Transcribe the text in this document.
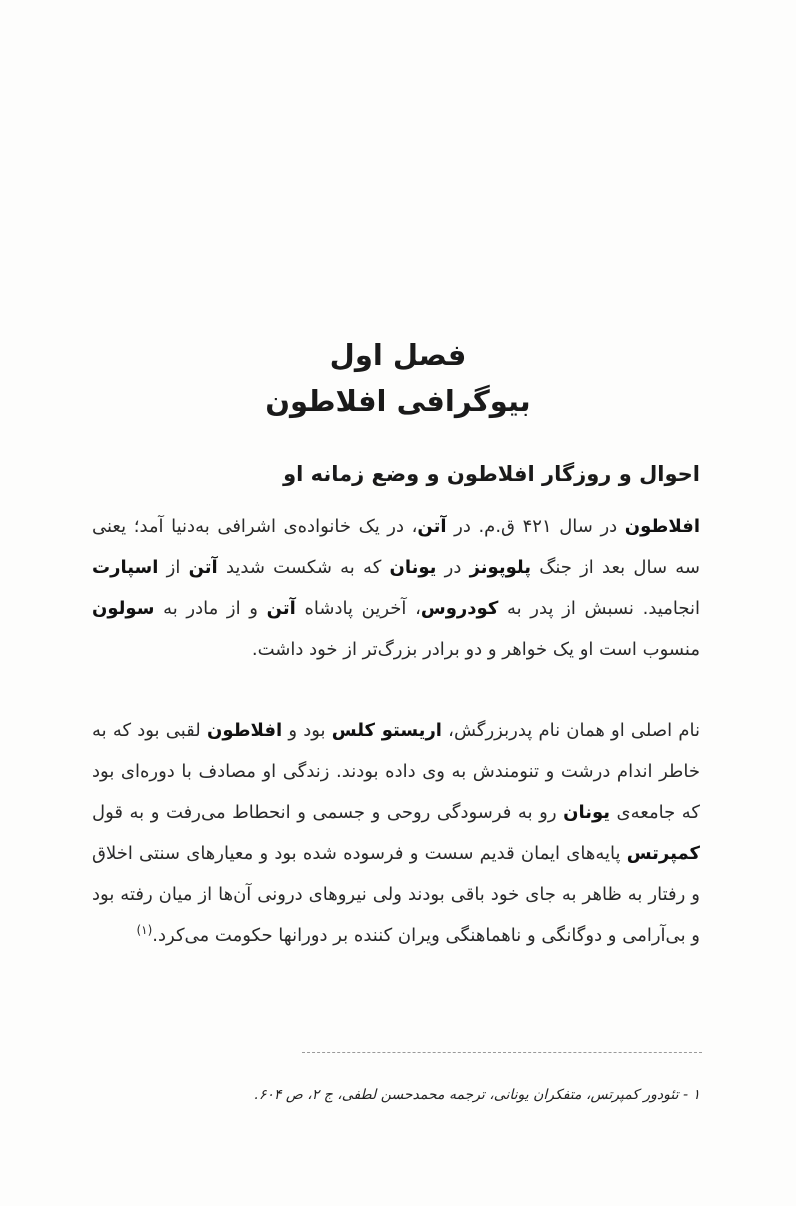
فصل اول
بیوگرافی افلاطون
احوال و روزگار افلاطون و وضع زمانه او
افلاطون در سال ۴۲۱ ق.م. در آتن، در یک خانواده‌ی اشرافی به‌دنیا آمد؛ یعنی سه سال بعد از جنگ پلوپونز در یونان که به شکست شدید آتن از اسپارت انجامید. نسبش از پدر به کودروس، آخرین پادشاه آتن و از مادر به سولون منسوب است او یک خواهر و دو برادر بزرگ‌تر از خود داشت.
نام اصلی او همان نام پدربزرگش، اریستو کلس بود و افلاطون لقبی بود که به خاطر اندام درشت و تنومندش به وی داده بودند. زندگی او مصادف با دوره‌ای بود که جامعه‌ی یونان رو به فرسودگی روحی و جسمی و انحطاط می‌رفت و به قول کمپرتس پایه‌های ایمان قدیم سست و فرسوده شده بود و معیارهای سنتی اخلاق و رفتار به ظاهر به جای خود باقی بودند ولی نیروهای درونی آن‌ها از میان رفته بود و بی‌آرامی و دوگانگی و ناهماهنگی ویران کننده بر دورانها حکومت می‌کرد.$^{(۱)}$
۱ - تئودور کمپرتس، متفکران یونانی، ترجمه محمدحسن لطفی، ج ۲، ص ۶۰۴.
